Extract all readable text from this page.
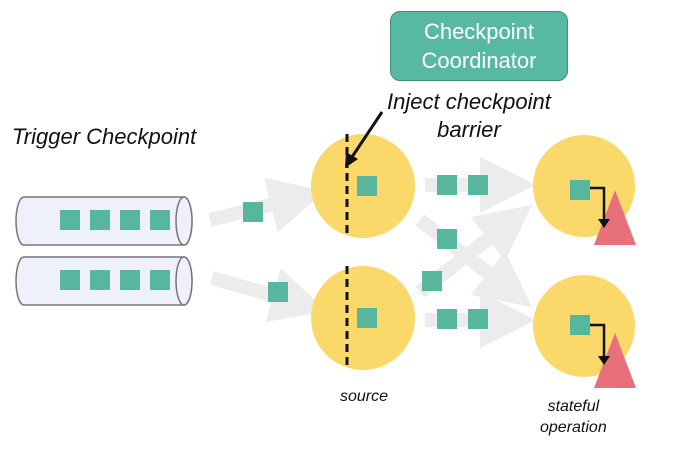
Checkpoint
Coordinator
Trigger Checkpoint
Inject checkpoint
barrier
source
stateful
operation
